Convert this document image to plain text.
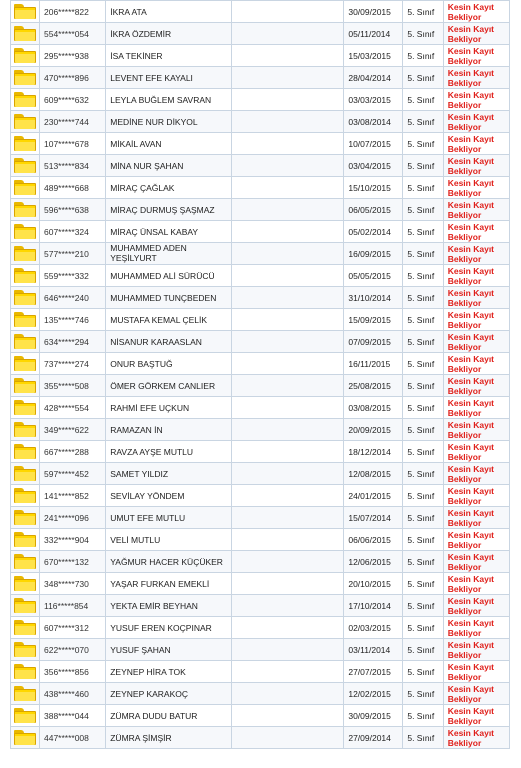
	206*****822	İKRA ATA		30/09/2015	5. Sınıf	Kesin Kayıt Bekliyor

	554*****054	İKRA ÖZDEMİR		05/11/2014	5. Sınıf	Kesin Kayıt Bekliyor

	295*****938	İSA TEKİNER		15/03/2015	5. Sınıf	Kesin Kayıt Bekliyor

	470*****896	LEVENT EFE KAYALI		28/04/2014	5. Sınıf	Kesin Kayıt Bekliyor

	609*****632	LEYLA BUĞLEM SAVRAN		03/03/2015	5. Sınıf	Kesin Kayıt Bekliyor

	230*****744	MEDİNE NUR DİKYOL		03/08/2014	5. Sınıf	Kesin Kayıt Bekliyor

	107*****678	MİKAİL AVAN		10/07/2015	5. Sınıf	Kesin Kayıt Bekliyor

	513*****834	MİNA NUR ŞAHAN		03/04/2015	5. Sınıf	Kesin Kayıt Bekliyor

	489*****668	MİRAÇ ÇAĞLAK		15/10/2015	5. Sınıf	Kesin Kayıt Bekliyor

	596*****638	MİRAÇ DURMUŞ ŞAŞMAZ		06/05/2015	5. Sınıf	Kesin Kayıt Bekliyor

	607*****324	MİRAÇ ÜNSAL KABAY		05/02/2014	5. Sınıf	Kesin Kayıt Bekliyor

	577*****210	MUHAMMED ADEN YEŞİLYURT		16/09/2015	5. Sınıf	Kesin Kayıt Bekliyor

	559*****332	MUHAMMED ALİ SÜRÜCÜ		05/05/2015	5. Sınıf	Kesin Kayıt Bekliyor

	646*****240	MUHAMMED TUNÇBEDEN		31/10/2014	5. Sınıf	Kesin Kayıt Bekliyor

	135*****746	MUSTAFA KEMAL ÇELİK		15/09/2015	5. Sınıf	Kesin Kayıt Bekliyor

	634*****294	NİSANUR KARAASLAN		07/09/2015	5. Sınıf	Kesin Kayıt Bekliyor

	737*****274	ONUR BAŞTUĞ		16/11/2015	5. Sınıf	Kesin Kayıt Bekliyor

	355*****508	ÖMER GÖRKEM CANLIER		25/08/2015	5. Sınıf	Kesin Kayıt Bekliyor

	428*****554	RAHMİ EFE UÇKUN		03/08/2015	5. Sınıf	Kesin Kayıt Bekliyor

	349*****622	RAMAZAN İN		20/09/2015	5. Sınıf	Kesin Kayıt Bekliyor

	667*****288	RAVZA AYŞE MUTLU		18/12/2014	5. Sınıf	Kesin Kayıt Bekliyor

	597*****452	SAMET YILDIZ		12/08/2015	5. Sınıf	Kesin Kayıt Bekliyor

	141*****852	SEVİLAY YÖNDEM		24/01/2015	5. Sınıf	Kesin Kayıt Bekliyor

	241*****096	UMUT EFE MUTLU		15/07/2014	5. Sınıf	Kesin Kayıt Bekliyor

	332*****904	VELİ MUTLU		06/06/2015	5. Sınıf	Kesin Kayıt Bekliyor

	670*****132	YAĞMUR HACER KÜÇÜKER		12/06/2015	5. Sınıf	Kesin Kayıt Bekliyor

	348*****730	YAŞAR FURKAN EMEKLİ		20/10/2015	5. Sınıf	Kesin Kayıt Bekliyor

	116*****854	YEKTA EMİR BEYHAN		17/10/2014	5. Sınıf	Kesin Kayıt Bekliyor

	607*****312	YUSUF EREN KOÇPINAR		02/03/2015	5. Sınıf	Kesin Kayıt Bekliyor

	622*****070	YUSUF ŞAHAN		03/11/2014	5. Sınıf	Kesin Kayıt Bekliyor

	356*****856	ZEYNEP HİRA TOK		27/07/2015	5. Sınıf	Kesin Kayıt Bekliyor

	438*****460	ZEYNEP KARAKOÇ		12/02/2015	5. Sınıf	Kesin Kayıt Bekliyor

	388*****044	ZÜMRA DUDU BATUR		30/09/2015	5. Sınıf	Kesin Kayıt Bekliyor

	447*****008	ZÜMRA ŞİMŞİR		27/09/2014	5. Sınıf	Kesin Kayıt Bekliyor
